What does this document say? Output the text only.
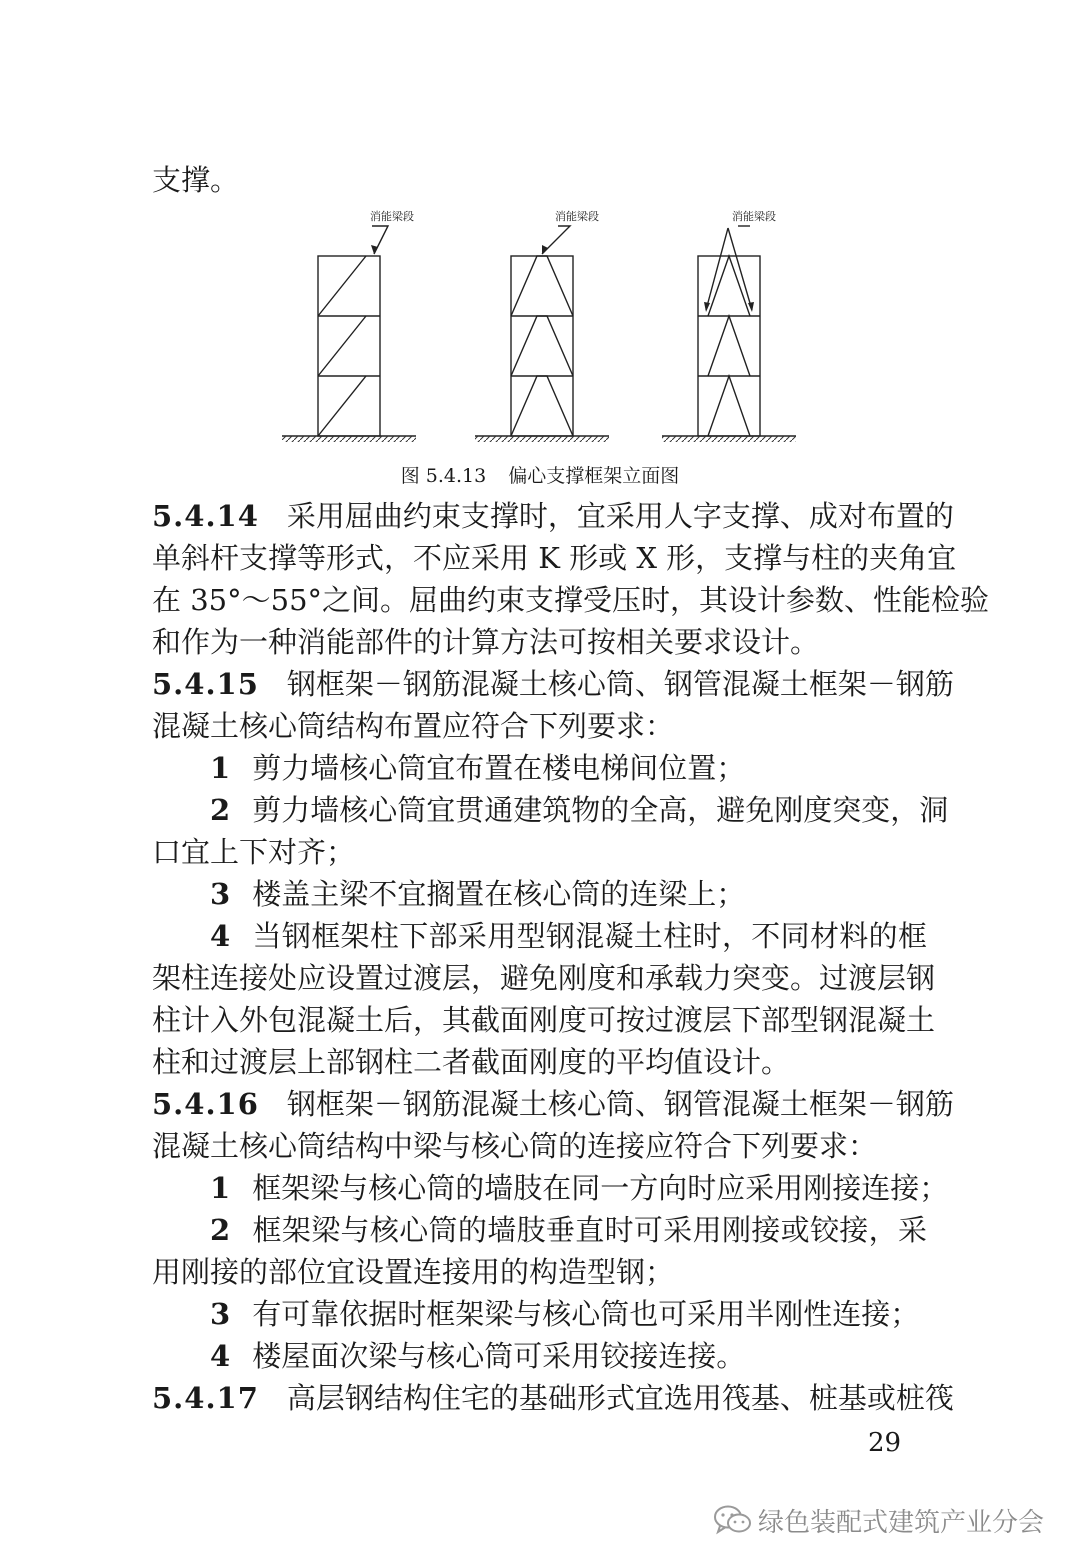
支撑。
消能梁段	消能梁段	消能梁段
图 5.4.13 偏心支撑框架立面图
5.4.14 采用屈曲约束支撑时，宜采用人字支撑、成对布置的
单斜杆支撑等形式，不应采用 K 形或 X 形，支撑与柱的夹角宜
在 35°～55°之间。屈曲约束支撑受压时，其设计参数、性能检验
和作为一种消能部件的计算方法可按相关要求设计。
5.4.15 钢框架－钢筋混凝土核心筒、钢管混凝土框架－钢筋
混凝土核心筒结构布置应符合下列要求：
1 剪力墙核心筒宜布置在楼电梯间位置；
2 剪力墙核心筒宜贯通建筑物的全高，避免刚度突变，洞
口宜上下对齐；
3 楼盖主梁不宜搁置在核心筒的连梁上；
4 当钢框架柱下部采用型钢混凝土柱时，不同材料的框
架柱连接处应设置过渡层，避免刚度和承载力突变。过渡层钢
柱计入外包混凝土后，其截面刚度可按过渡层下部型钢混凝土
柱和过渡层上部钢柱二者截面刚度的平均值设计。
5.4.16 钢框架－钢筋混凝土核心筒、钢管混凝土框架－钢筋
混凝土核心筒结构中梁与核心筒的连接应符合下列要求：
1 框架梁与核心筒的墙肢在同一方向时应采用刚接连接；
2 框架梁与核心筒的墙肢垂直时可采用刚接或铰接，采
用刚接的部位宜设置连接用的构造型钢；
3 有可靠依据时框架梁与核心筒也可采用半刚性连接；
4 楼屋面次梁与核心筒可采用铰接连接。
5.4.17 高层钢结构住宅的基础形式宜选用筏基、桩基或桩筏
29
绿色装配式建筑产业分会
